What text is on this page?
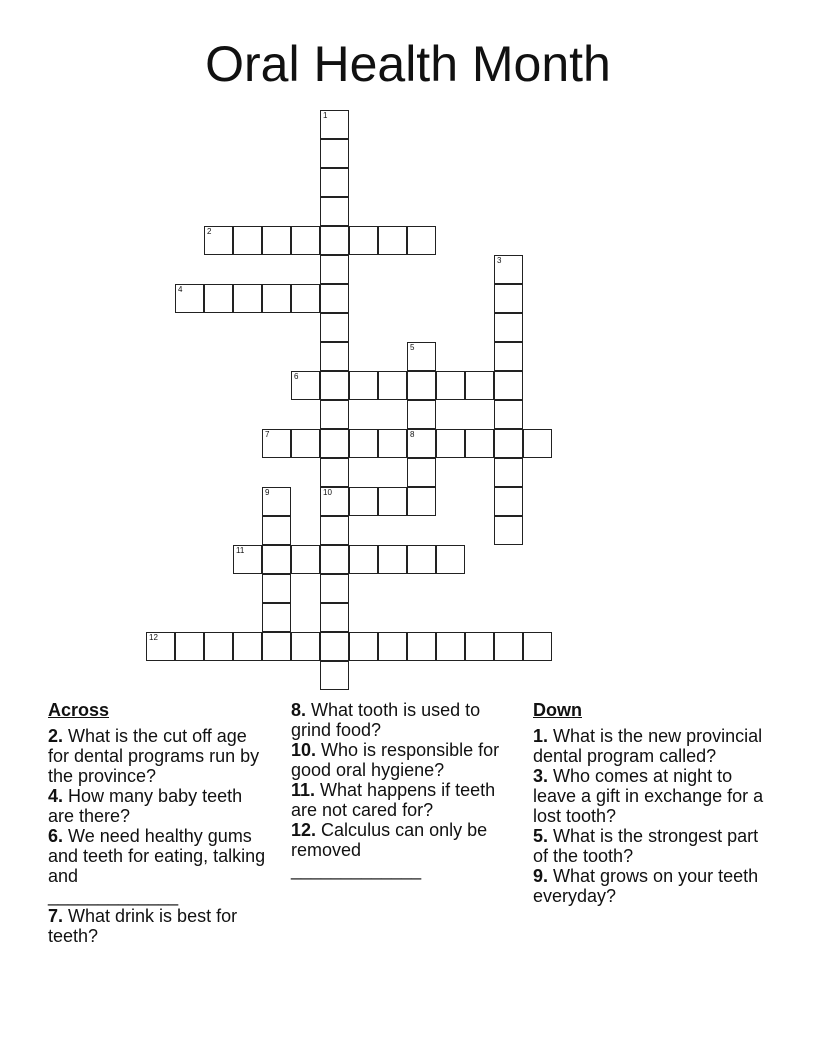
Oral Health Month
1
10
2
3
4
5
8
6
7
9
11
12
Across

2. What is the cut off age for dental programs run by the province?

4. How many baby teeth are there?

6. We need healthy gums and teeth for eating, talking and
_____________

7. What drink is best for teeth?

8. What tooth is used to grind food?

10. Who is responsible for good oral hygiene?

11. What happens if teeth are not cared for?

12. Calculus can only be removed
_____________

Down

1. What is the new provincial dental program called?

3. Who comes at night to leave a gift in exchange for a lost tooth?

5. What is the strongest part of the tooth?

9. What grows on your teeth everyday?
